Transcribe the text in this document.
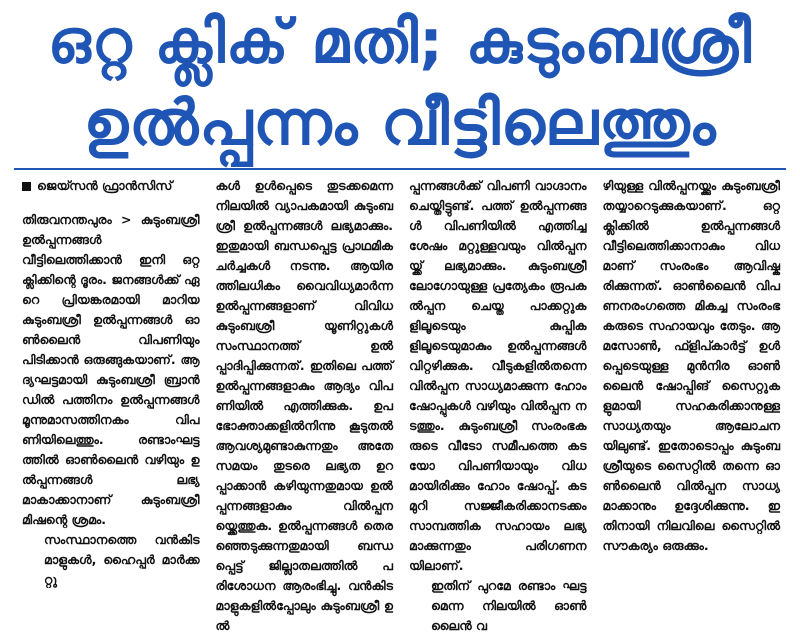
ഒറ്റ ക്ലിക് മതി; കുടുംബശ്രീ
ഉൽപ്പന്നം വീട്ടിലെത്തും
ജെയ്സൻ ഫ്രാൻസിസ്

തിരുവനന്തപുരം > കുടുംബശ്രീ ഉൽപ്പന്നങ്ങൾ വീട്ടിലെത്തിക്കാൻ ഇനി ഒറ്റ ക്ലിക്കിന്റെ ദൂരം. ജനങ്ങൾക്ക് ഏറെ പ്രിയങ്കരമായി മാറിയ കുടുംബശ്രീ ഉൽപ്പന്നങ്ങൾ ഓൺലൈൻ വിപണിയും പിടിക്കാൻ ഒരുങ്ങുകയാണ്. ആദ്യഘട്ടമായി കുടുംബശ്രീ ബ്രാൻഡിൽ പത്തിനം ഉൽപ്പന്നങ്ങൾ മൂന്നുമാസത്തിനകം വിപണിയിലെത്തും. രണ്ടാംഘട്ടത്തിൽ ഓൺലൈൻ വഴിയും ഉൽപ്പന്നങ്ങൾ ലഭ്യമാകാക്കാനാണ് കുടുംബശ്രീ മിഷന്റെ ശ്രമം.

സംസ്ഥാനത്തെ വൻകിട മാളുകൾ, ഹൈപ്പർ മാർക്കറ്റു

കൾ ഉൾപ്പെടെ തുടക്കമെന്ന നിലയിൽ വ്യാപകമായി കുടുംബശ്രീ ഉൽപ്പന്നങ്ങൾ ലഭ്യമാക്കും. ഇതുമായി ബന്ധപ്പെട്ട പ്രാഥമിക ചർച്ചകൾ നടന്നു. ആയിരത്തിലധികം വൈവിധ്യമാർന്ന ഉൽപ്പന്നങ്ങളാണ് വിവിധ കുടുംബശ്രീ യൂണിറ്റുകൾ സംസ്ഥാനത്ത് ഉൽപ്പാദിപ്പിക്കുന്നത്. ഇതിലെ പത്ത് ഉൽപ്പന്നങ്ങളാകും ആദ്യം വിപണിയിൽ എത്തിക്കുക. ഉപഭോക്താക്കളിൽനിന്നു കൂടുതൽ ആവശ്യമുണ്ടാകുന്നതും അതേ സമയം തുടരെ ലഭ്യത ഉറപ്പാക്കാൻ കഴിയുന്നതുമായ ഉൽപ്പന്നങ്ങളാകും വിൽപ്പനയ്ക്കെത്തുക. ഉൽപ്പന്നങ്ങൾ തെരഞ്ഞെടുക്കുന്നതുമായി ബന്ധപ്പെട്ട് ജില്ലാതലത്തിൽ പരിശോധന ആരംഭിച്ചു. വൻകിട മാളുകളിൽപ്പോലും കുടുംബശ്രീ ഉൽ

പ്പന്നങ്ങൾക്ക് വിപണി വാഗ്ദാനം ചെയ്തിട്ടുണ്ട്. പത്ത് ഉൽപ്പന്നങ്ങൾ വിപണിയിൽ എത്തിച്ചശേഷം മറ്റുള്ളവയും വിൽപ്പനയ്ക്ക് ലഭ്യമാക്കും. കുടുംബശ്രീ ലോഗോയുള്ള പ്രത്യേകം രൂപകൽപ്പന ചെയ്ത പാക്കറ്റുകളിലൂടെയും കുപ്പികളിലൂടെയുമാകും ഉൽപ്പന്നങ്ങൾ വിറ്റഴിക്കുക. വീടുകളിൽതന്നെ വിൽപ്പന സാധ്യമാക്കുന്ന ഹോം ഷോപ്പുകൾ വഴിയും വിൽപ്പന നടത്തും. കുടുംബശ്രീ സംരംഭകരുടെ വീടോ സമീപത്തെ കടയോ വിപണിയായും വിധമായിരിക്കും ഹോം ഷോപ്പ്. കട മുറി സജ്ജീകരിക്കാനടക്കം സാമ്പത്തിക സഹായം ലഭ്യമാക്കുന്നതും പരിഗണനയിലാണ്.

ഇതിന് പുറമേ രണ്ടാം ഘട്ടമെന്ന നിലയിൽ ഓൺലൈൻ വ

ഴിയുള്ള വിൽപ്പനയ്ക്കും കുടുംബശ്രീ തയ്യാറെടുക്കുകയാണ്. ഒറ്റ ക്ലിക്കിൽ ഉൽപ്പന്നങ്ങൾ വീട്ടിലെത്തിക്കാനാകും വിധമാണ് സംരംഭം ആവിഷ്കരിക്കുന്നത്. ഓൺലൈൻ വിപണനരംഗത്തെ മികച്ച സംരംഭകരുടെ സഹായവും തേടും. ആമസോൺ, ഫ്ളിപ്കാർട്ട് ഉൾപ്പെടെയുള്ള മുൻനിര ഓൺലൈൻ ഷോപ്പിങ് സൈറ്റുകളുമായി സഹകരിക്കാനുള്ള സാധ്യതയും ആലോചനയിലുണ്ട്. ഇതോടൊപ്പം കുടുംബശ്രീയുടെ സൈറ്റിൽ തന്നെ ഓൺലൈൻ വിൽപ്പന സാധ്യമാക്കാനും ഉദ്ദേശിക്കുന്നു. ഇതിനായി നിലവിലെ സൈറ്റിൽ സൗകര്യം ഒരുക്കും.
